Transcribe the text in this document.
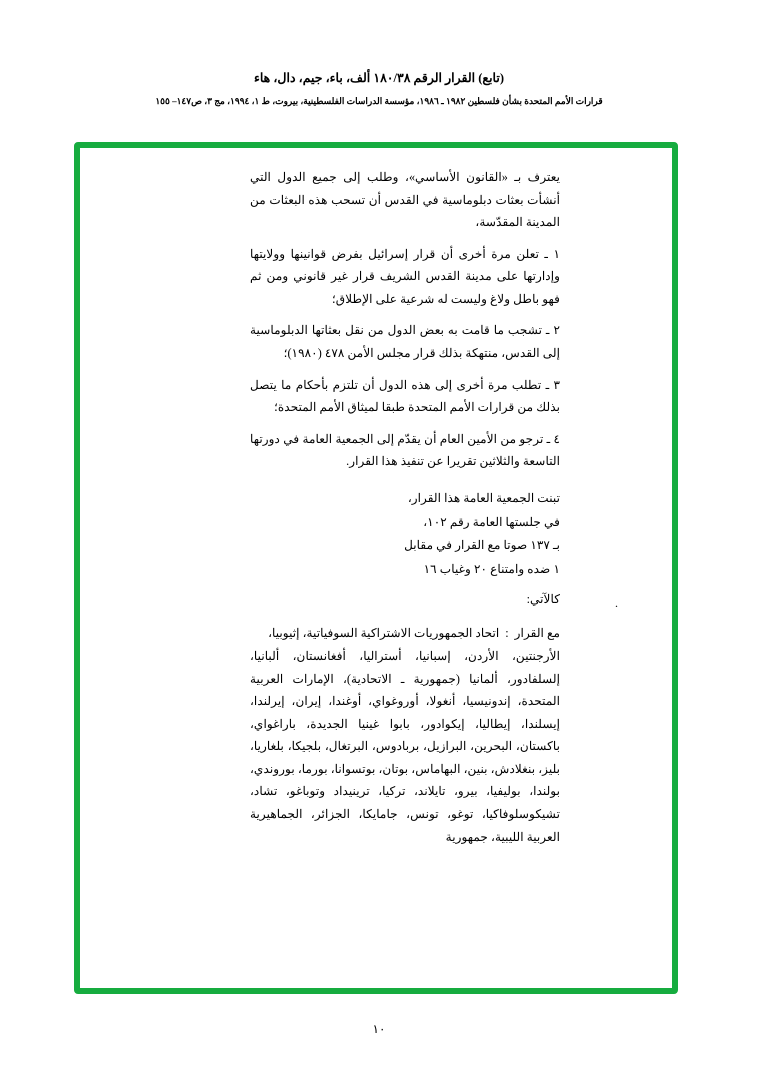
(تابع) القرار الرقم ١٨٠/٣٨ ألف، باء، جيم، دال، هاء
قرارات الأمم المتحدة بشأن فلسطين ١٩٨٢ ـ ١٩٨٦، مؤسسة الدراسات الفلسطينية، بيروت، ط ١، ١٩٩٤، مج ٣، ص١٤٧– ١٥٥

يعترف بـ «القانون الأساسي»، وطلب إلى جميع الدول التي أنشأت بعثات دبلوماسية في القدس أن تسحب هذه البعثات من المدينة المقدّسة،

١ ـ تعلن مرة أخرى أن قرار إسرائيل بفرض قوانينها وولايتها وإدارتها على مدينة القدس الشريف قرار غير قانوني ومن ثم فهو باطل ولاغ وليست له شرعية على الإطلاق؛

٢ ـ تشجب ما قامت به بعض الدول من نقل بعثاتها الدبلوماسية إلى القدس، منتهكة بذلك قرار مجلس الأمن ٤٧٨ (١٩٨٠)؛

٣ ـ تطلب مرة أخرى إلى هذه الدول أن تلتزم بأحكام ما يتصل بذلك من قرارات الأمم المتحدة طبقا لميثاق الأمم المتحدة؛

٤ ـ ترجو من الأمين العام أن يقدّم إلى الجمعية العامة في دورتها التاسعة والثلاثين تقريرا عن تنفيذ هذا القرار.

تبنت الجمعية العامة هذا القرار،
في جلستها العامة رقم ١٠٢،
بـ ١٣٧ صوتا مع القرار في مقابل
١ ضده وامتناع ٢٠ وغياب ١٦
.
كالآتي:
مع القرار
:
اتحاد الجمهوريات الاشتراكية السوفياتية، إثيوبيا،
الأرجنتين، الأردن، إسبانيا، أستراليا، أفغانستان، ألبانيا، إلسلفادور، ألمانيا (جمهورية ـ الاتحادية)، الإمارات العربية المتحدة، إندونيسيا، أنغولا، أوروغواي، أوغندا، إيران، إيرلندا، إيسلندا، إيطاليا، إيكوادور، بابوا غينيا الجديدة، باراغواي، باكستان، البحرين، البرازيل، بربادوس، البرتغال، بلجيكا، بلغاريا، بليز، بنغلادش، بنين، البهاماس، بوتان، بوتسوانا، بورما، بوروندي، بولندا، بوليفيا، بيرو، تايلاند، تركيا، ترينيداد وتوباغو، تشاد، تشيكوسلوفاكيا، توغو، تونس، جامايكا، الجزائر، الجماهيرية العربية الليبية، جمهورية
١٠
